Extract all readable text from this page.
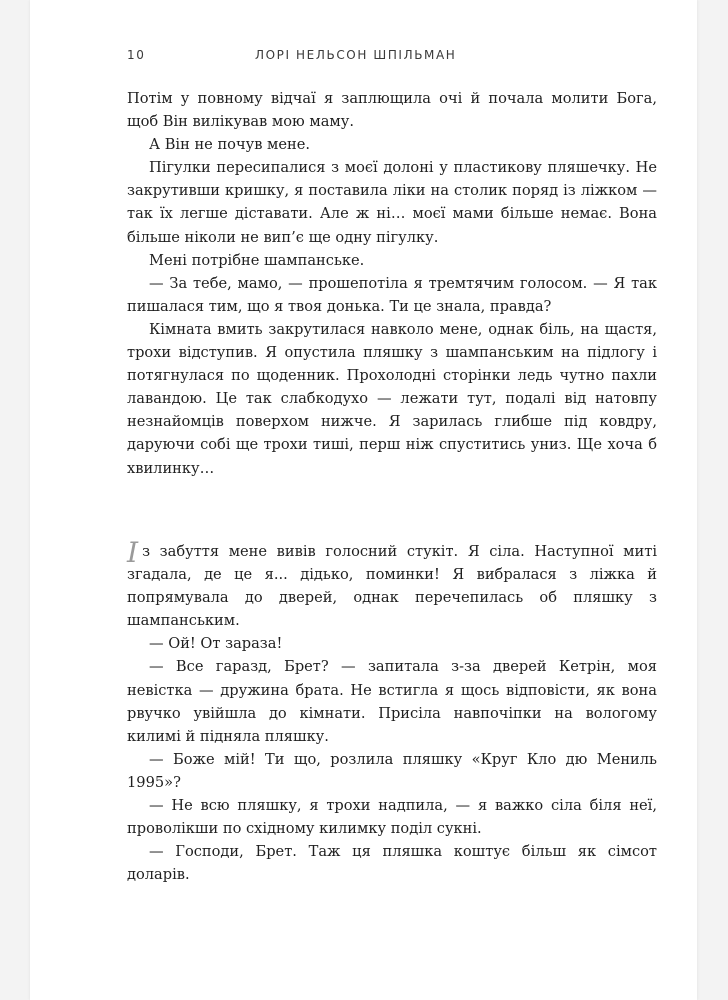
10	ЛОРІ НЕЛЬСОН ШПІЛЬМАН

Потім у повному відчаї я заплющила очі й почала молити Бога, щоб Він вилікував мою маму.

А Він не почув мене.

Пігулки пересипалися з моєї долоні у пластикову пляшечку. Не закрутивши кришку, я поставила ліки на столик поряд із ліжком — так їх легше діставати. Але ж ні… моєї мами більше немає. Вона більше ніколи не вип’є ще одну пігулку.

Мені потрібне шампанське.

— За тебе, мамо, — прошепотіла я тремтячим голосом. — Я так пишалася тим, що я твоя донька. Ти це знала, правда?

Кімната вмить закрутилася навколо мене, однак біль, на щастя, трохи відступив. Я опустила пляшку з шампанським на підлогу і потягнулася по щоденник. Прохолодні сторінки ледь чутно пахли лавандою. Це так слабкодухо — лежати тут, подалі від натовпу незнайомців поверхом нижче. Я зарилась глибше під ковдру, даруючи собі ще трохи тиші, перш ніж спуститись униз. Ще хоча б хвилинку…

Із забуття мене вивів голосний стукіт. Я сіла. Наступної миті згадала, де це я... дідько, поминки! Я вибралася з ліжка й попрямувала до дверей, однак перечепилась об пляшку з шампанським.

— Ой! От зараза!

— Все гаразд, Брет? — запитала з-за дверей Кетрін, моя невістка — дружина брата. Не встигла я щось відповісти, як вона рвучко увійшла до кімнати. Присіла навпочіпки на вологому килимі й підняла пляшку.

— Боже мій! Ти що, розлила пляшку «Круг Кло дю Мениль 1995»?

— Не всю пляшку, я трохи надпила, — я важко сіла біля неї, проволікши по східному килимку поділ сукні.

— Господи, Брет. Таж ця пляшка коштує більш як сімсот доларів.
